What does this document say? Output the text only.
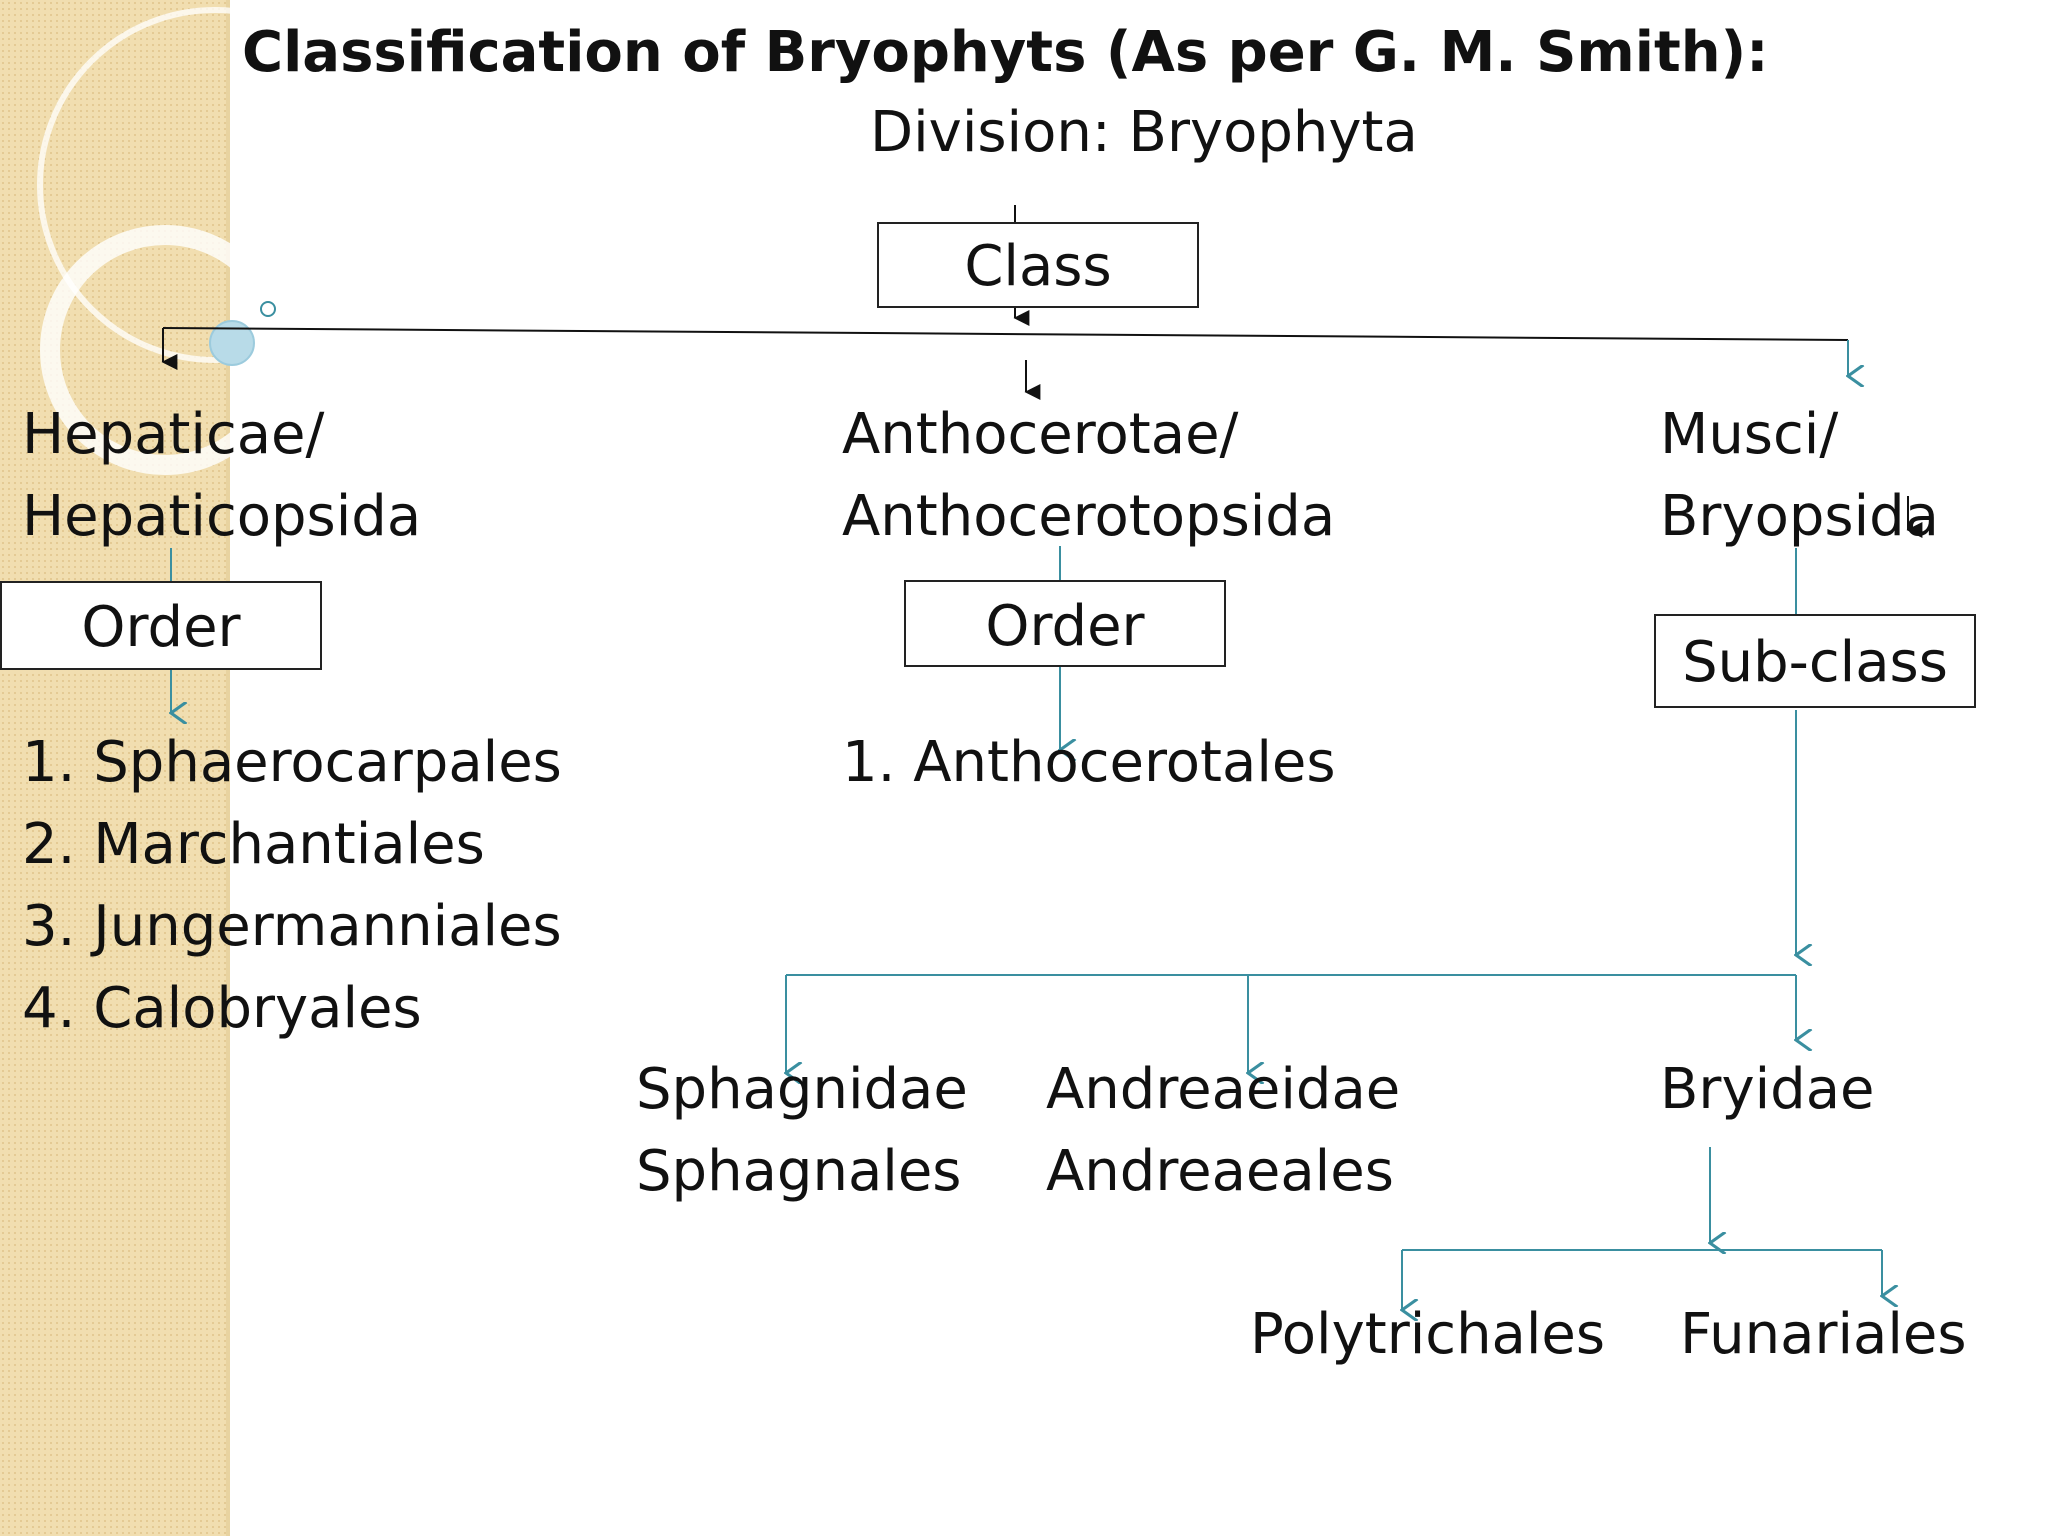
Classification of Bryophyts (As per G. M. Smith):
Division: Bryophyta
Class
Hepaticae/
Hepaticopsida
Anthocerotae/
Anthocerotopsida
Musci/
Bryopsida
Order	Order
Sub-class
1. Sphaerocarpales
2. Marchantiales
3. Jungermanniales
4. Calobryales
1. Anthocerotales
Sphagnidae
Sphagnales
Andreaeidae
Andreaeales
Bryidae
Polytrichales Funariales
